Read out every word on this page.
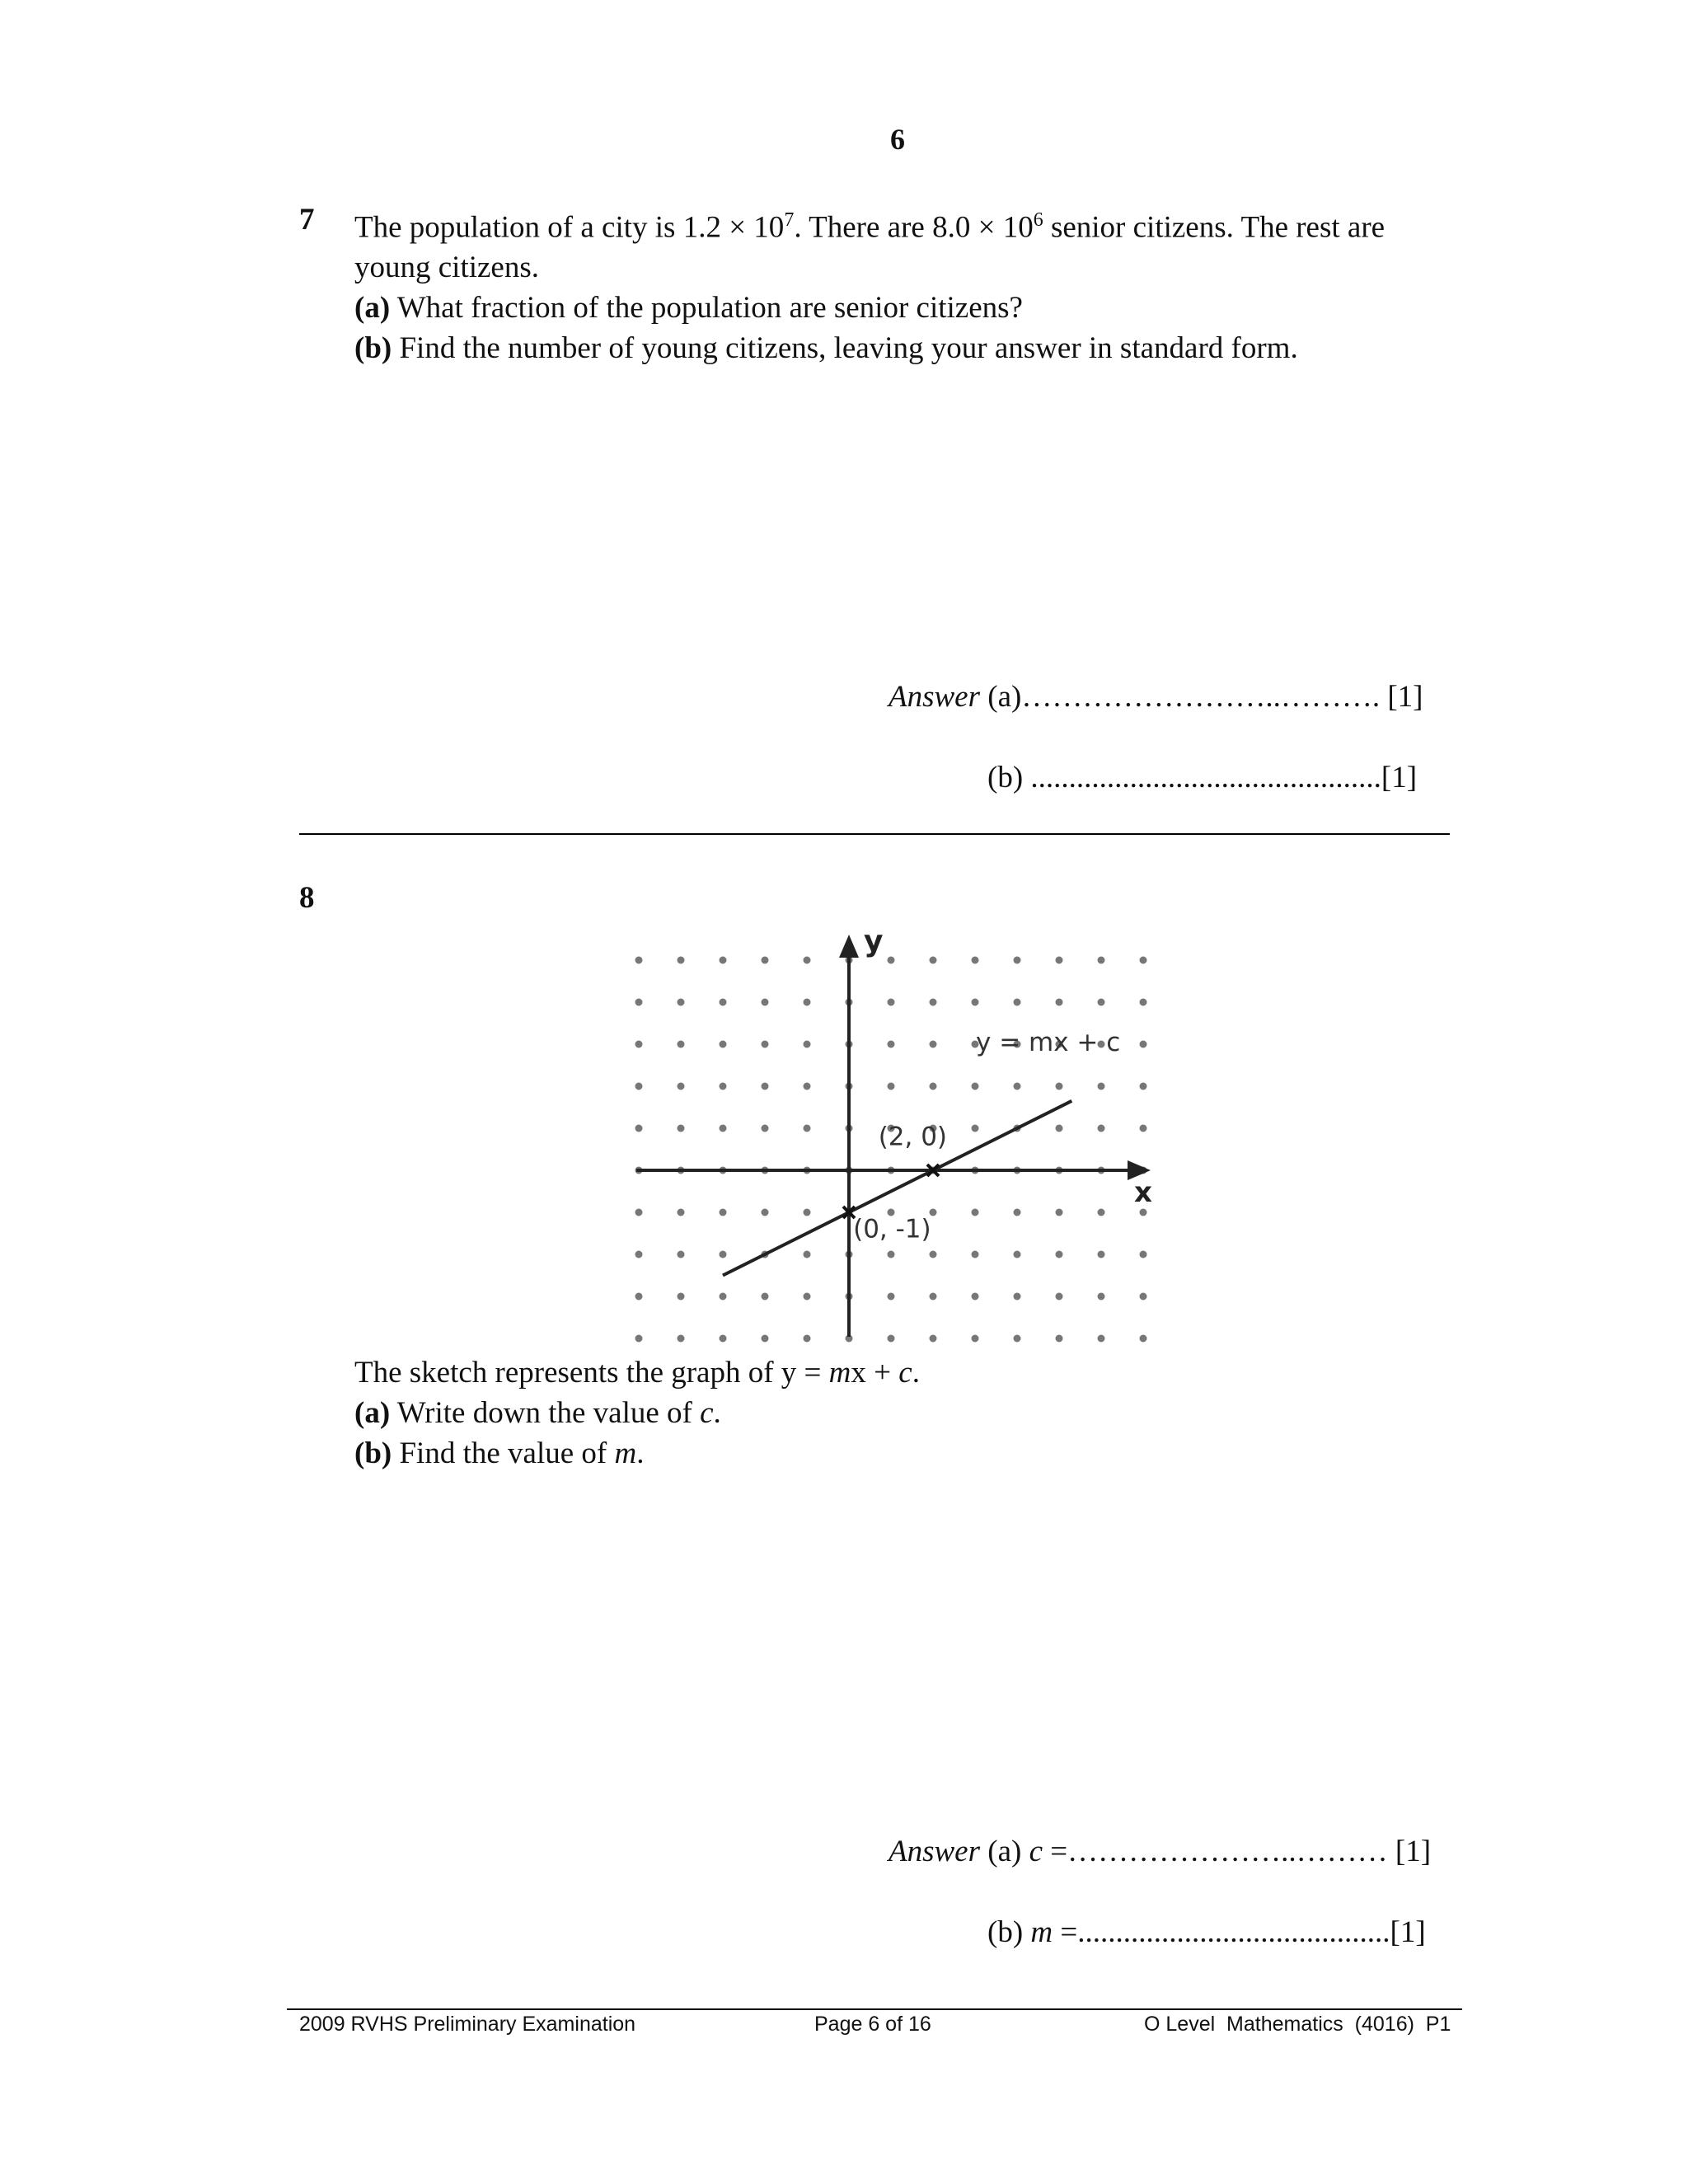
6
7 The population of a city is $1.2 \times 10^7$. There are $8.0 \times 10^6$ senior citizens. The rest are

young citizens.

(a) What fraction of the population are senior citizens?

(b) Find the number of young citizens, leaving your answer in standard form.

Answer (a)……………………..………. [1]
(b) ..............................................[1]
8
y
x
y = mx + c
(2, 0)
(0, -1)

The sketch represents the graph of y = mx + c.

(a) Write down the value of c.

(b) Find the value of m.

Answer (a) c =…………………..……… [1]
(b) m =.........................................[1]
2009 RVHS Preliminary Examination	Page 6 of 16	O Level  Mathematics  (4016)  P1
